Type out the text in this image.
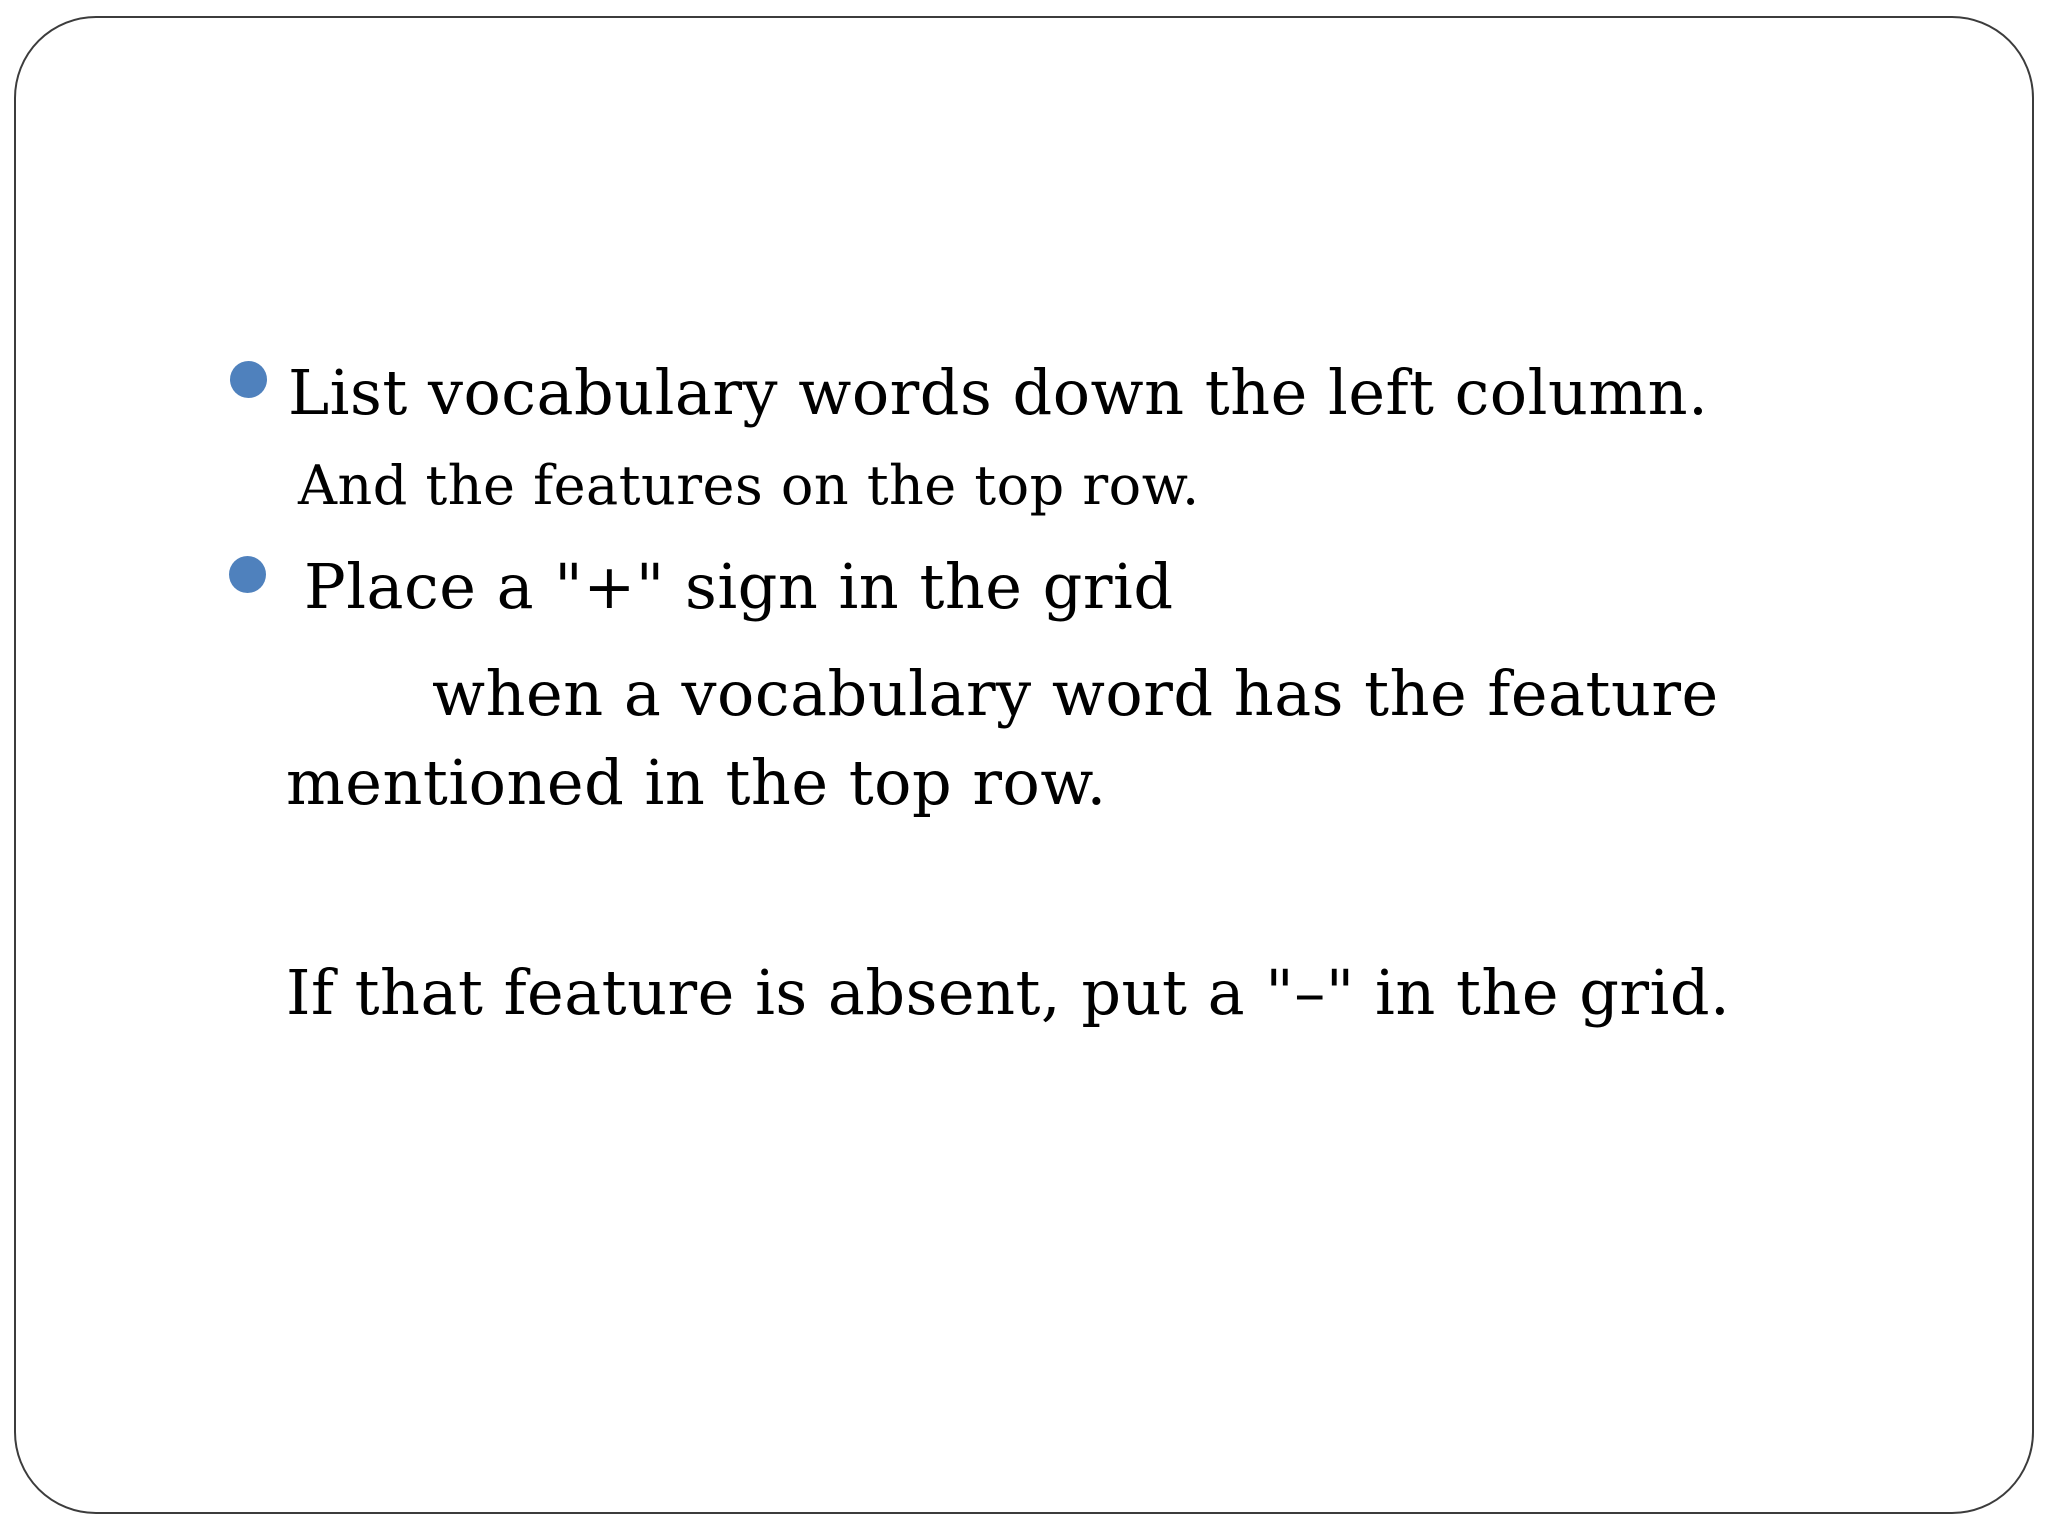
List vocabulary words down the left column.
And the features on the top row.
Place a "+" sign in the grid
when a vocabulary word has the feature
mentioned in the top row.
If that feature is absent, put a "–" in the grid.
